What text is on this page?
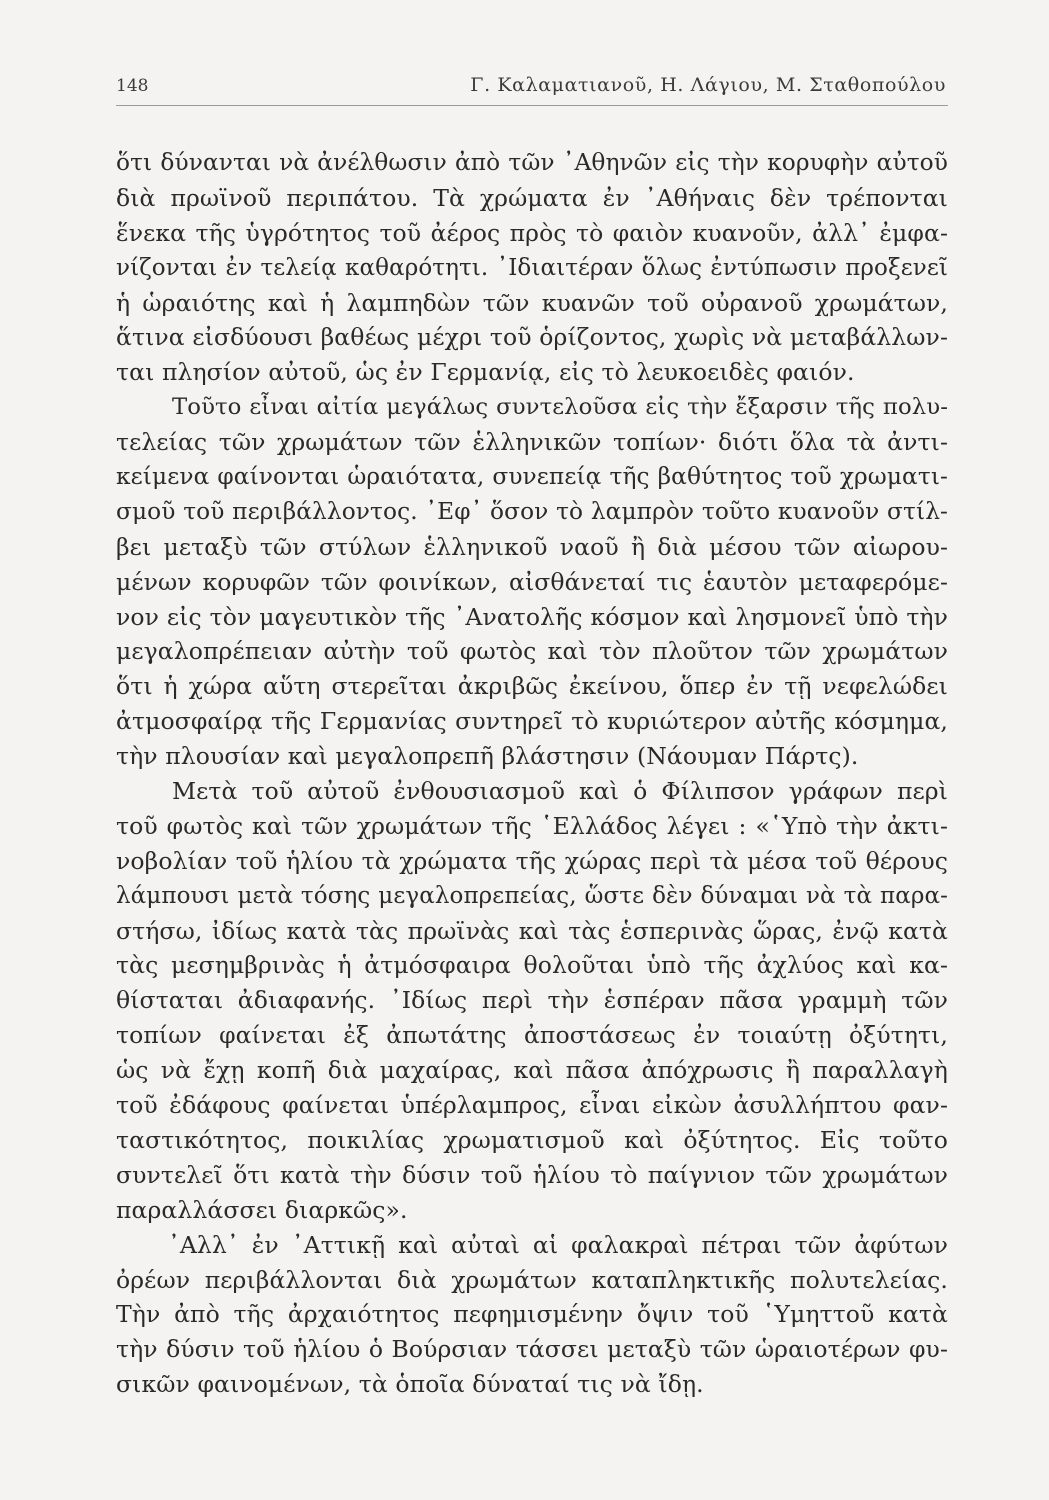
148	Γ. Καλαματιανοῦ, Η. Λάγιου, Μ. Σταθοπούλου
ὅτι δύνανται νὰ ἀνέλθωσιν ἀπὸ τῶν ᾿Αθηνῶν εἰς τὴν κορυφὴν αὐτοῦ
διὰ πρωϊνοῦ περιπάτου. Τὰ χρώματα ἐν ᾿Αθήναις δὲν τρέπονται
ἕνεκα τῆς ὑγρότητος τοῦ ἀέρος πρὸς τὸ φαιὸν κυανοῦν, ἀλλ᾿ ἐμφα-
νίζονται ἐν τελείᾳ καθαρότητι. ᾿Ιδιαιτέραν ὅλως ἐντύπωσιν προξενεῖ
ἡ ὡραιότης καὶ ἡ λαμπηδὼν τῶν κυανῶν τοῦ οὐρανοῦ χρωμάτων,
ἅτινα εἰσδύουσι βαθέως μέχρι τοῦ ὁρίζοντος, χωρὶς νὰ μεταβάλλων-
ται πλησίον αὐτοῦ, ὡς ἐν Γερμανίᾳ, εἰς τὸ λευκοειδὲς φαιόν.
Τοῦτο εἶναι αἰτία μεγάλως συντελοῦσα εἰς τὴν ἔξαρσιν τῆς πολυ-
τελείας τῶν χρωμάτων τῶν ἑλληνικῶν τοπίων· διότι ὅλα τὰ ἀντι-
κείμενα φαίνονται ὡραιότατα, συνεπείᾳ τῆς βαθύτητος τοῦ χρωματι-
σμοῦ τοῦ περιβάλλοντος. ᾿Εφ᾿ ὅσον τὸ λαμπρὸν τοῦτο κυανοῦν στίλ-
βει μεταξὺ τῶν στύλων ἑλληνικοῦ ναοῦ ἢ διὰ μέσου τῶν αἰωρου-
μένων κορυφῶν τῶν φοινίκων, αἰσθάνεταί τις ἑαυτὸν μεταφερόμε-
νον εἰς τὸν μαγευτικὸν τῆς ᾿Ανατολῆς κόσμον καὶ λησμονεῖ ὑπὸ τὴν
μεγαλοπρέπειαν αὐτὴν τοῦ φωτὸς καὶ τὸν πλοῦτον τῶν χρωμάτων
ὅτι ἡ χώρα αὕτη στερεῖται ἀκριβῶς ἐκείνου, ὅπερ ἐν τῇ νεφελώδει
ἀτμοσφαίρᾳ τῆς Γερμανίας συντηρεῖ τὸ κυριώτερον αὐτῆς κόσμημα,
τὴν πλουσίαν καὶ μεγαλοπρεπῆ βλάστησιν (Νάουμαν Πάρτς).
Μετὰ τοῦ αὐτοῦ ἐνθουσιασμοῦ καὶ ὁ Φίλιπσον γράφων περὶ
τοῦ φωτὸς καὶ τῶν χρωμάτων τῆς ῾Ελλάδος λέγει : «῾Υπὸ τὴν ἀκτι-
νοβολίαν τοῦ ἡλίου τὰ χρώματα τῆς χώρας περὶ τὰ μέσα τοῦ θέρους
λάμπουσι μετὰ τόσης μεγαλοπρεπείας, ὥστε δὲν δύναμαι νὰ τὰ παρα-
στήσω, ἰδίως κατὰ τὰς πρωϊνὰς καὶ τὰς ἑσπερινὰς ὥρας, ἐνῷ κατὰ
τὰς μεσημβρινὰς ἡ ἀτμόσφαιρα θολοῦται ὑπὸ τῆς ἀχλύος καὶ κα-
θίσταται ἀδιαφανής. ᾿Ιδίως περὶ τὴν ἑσπέραν πᾶσα γραμμὴ τῶν
τοπίων φαίνεται ἐξ ἀπωτάτης ἀποστάσεως ἐν τοιαύτῃ ὀξύτητι,
ὡς νὰ ἔχῃ κοπῆ διὰ μαχαίρας, καὶ πᾶσα ἀπόχρωσις ἢ παραλλαγὴ
τοῦ ἐδάφους φαίνεται ὑπέρλαμπρος, εἶναι εἰκὼν ἀσυλλήπτου φαν-
ταστικότητος, ποικιλίας χρωματισμοῦ καὶ ὀξύτητος. Εἰς τοῦτο
συντελεῖ ὅτι κατὰ τὴν δύσιν τοῦ ἡλίου τὸ παίγνιον τῶν χρωμάτων
παραλλάσσει διαρκῶς».
᾿Αλλ᾿ ἐν ᾿Αττικῇ καὶ αὐταὶ αἱ φαλακραὶ πέτραι τῶν ἀφύτων
ὀρέων περιβάλλονται διὰ χρωμάτων καταπληκτικῆς πολυτελείας.
Τὴν ἀπὸ τῆς ἀρχαιότητος πεφημισμένην ὄψιν τοῦ ῾Υμηττοῦ κατὰ
τὴν δύσιν τοῦ ἡλίου ὁ Βούρσιαν τάσσει μεταξὺ τῶν ὡραιοτέρων φυ-
σικῶν φαινομένων, τὰ ὁποῖα δύναταί τις νὰ ἴδῃ.
